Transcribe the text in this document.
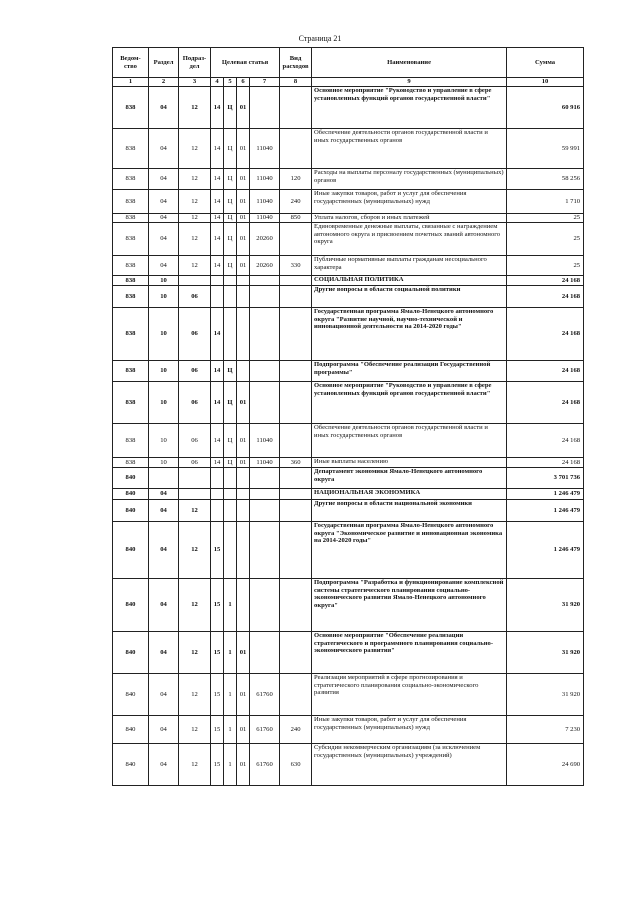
Страница 21
Ведом-ство	Раздел	Подраз-дел	Целевая статья				Вид расходов	Наименование	Сумма
1	2	3	4	5	6	7	8	9	10
838	04	12	14	Ц	01			Основное мероприятие "Руководство и управление в сфере установленных функций органов государственной власти"	60 916
838	04	12	14	Ц	01	11040		Обеспечение деятельности органов государственной власти и иных государственных органов	59 991
838	04	12	14	Ц	01	11040	120	Расходы на выплаты персоналу государственных (муниципальных) органов	58 256
838	04	12	14	Ц	01	11040	240	Иные закупки товаров, работ и услуг для обеспечения государственных (муниципальных) нужд	1 710
838	04	12	14	Ц	01	11040	850	Уплата налогов, сборов и иных платежей	25
838	04	12	14	Ц	01	20260		Единовременные денежные выплаты, связанные с награждением автономного округа и присвоением почетных званий автономного округа	25
838	04	12	14	Ц	01	20260	330	Публичные нормативные выплаты гражданам несоциального характера	25
838	10							СОЦИАЛЬНАЯ ПОЛИТИКА	24 168
838	10	06						Другие вопросы в области социальной политики	24 168
838	10	06	14					Государственная программа Ямало-Ненецкого автономного округа "Развитие научной, научно-технической и инновационной деятельности на 2014-2020 годы"	24 168
838	10	06	14	Ц				Подпрограмма "Обеспечение реализации Государственной программы"	24 168
838	10	06	14	Ц	01			Основное мероприятие "Руководство и управление в сфере установленных функций органов государственной власти"	24 168
838	10	06	14	Ц	01	11040		Обеспечение деятельности органов государственной власти и иных государственных органов	24 168
838	10	06	14	Ц	01	11040	360	Иные выплаты населению	24 168
840								Департамент экономики Ямало-Ненецкого автономного округа	3 701 736
840	04							НАЦИОНАЛЬНАЯ ЭКОНОМИКА	1 246 479
840	04	12						Другие вопросы в области национальной экономики	1 246 479
840	04	12	15					Государственная программа Ямало-Ненецкого автономного округа "Экономическое развитие и инновационная экономика на 2014-2020 годы"	1 246 479
840	04	12	15	1				Подпрограмма "Разработка и функционирование комплексной системы стратегического планирования социально-экономического развития Ямало-Ненецкого автономного округа"	31 920
840	04	12	15	1	01			Основное мероприятие "Обеспечение реализации стратегического и программного планирования социально-экономического развития"	31 920
840	04	12	15	1	01	61760		Реализация мероприятий в сфере прогнозирования и стратегического планирования социально-экономического развития	31 920
840	04	12	15	1	01	61760	240	Иные закупки товаров, работ и услуг для обеспечения государственных (муниципальных) нужд	7 230
840	04	12	15	1	01	61760	630	Субсидии некоммерческим организациям (за исключением государственных (муниципальных) учреждений)	24 690
